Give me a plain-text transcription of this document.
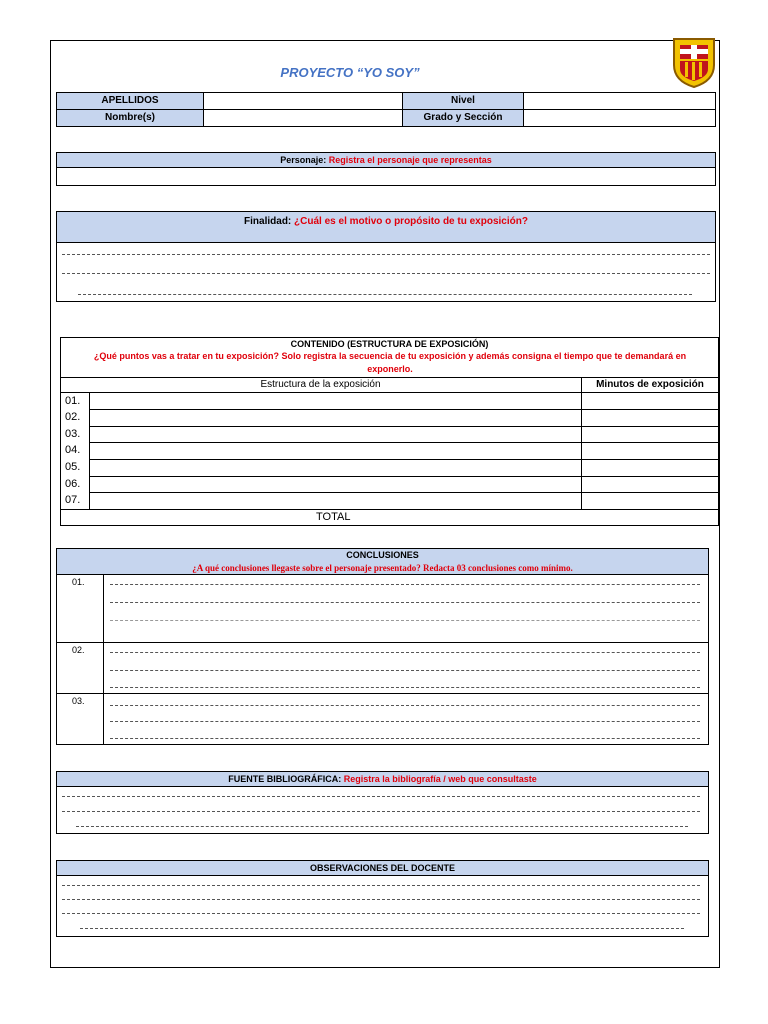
PROYECTO “YO SOY”
APELLIDOS	Nivel
Nombre(s)	Grado y Sección
Personaje: Registra el personaje que representas
Finalidad: ¿Cuál es el motivo o propósito de tu exposición?
CONTENIDO (ESTRUCTURA DE EXPOSICIÓN)
¿Qué puntos vas a tratar en tu exposición? Solo registra la secuencia de tu exposición y además consigna el tiempo que te demandará en exponerlo.
Estructura de la exposición	Minutos de exposición
01.
02.
03.
04.
05.
06.
07.
TOTAL
CONCLUSIONES
¿A qué conclusiones llegaste sobre el personaje presentado? Redacta 03 conclusiones como mínimo.
01.
02.
03.
FUENTE BIBLIOGRÁFICA: Registra la bibliografía / web que consultaste
OBSERVACIONES DEL DOCENTE
